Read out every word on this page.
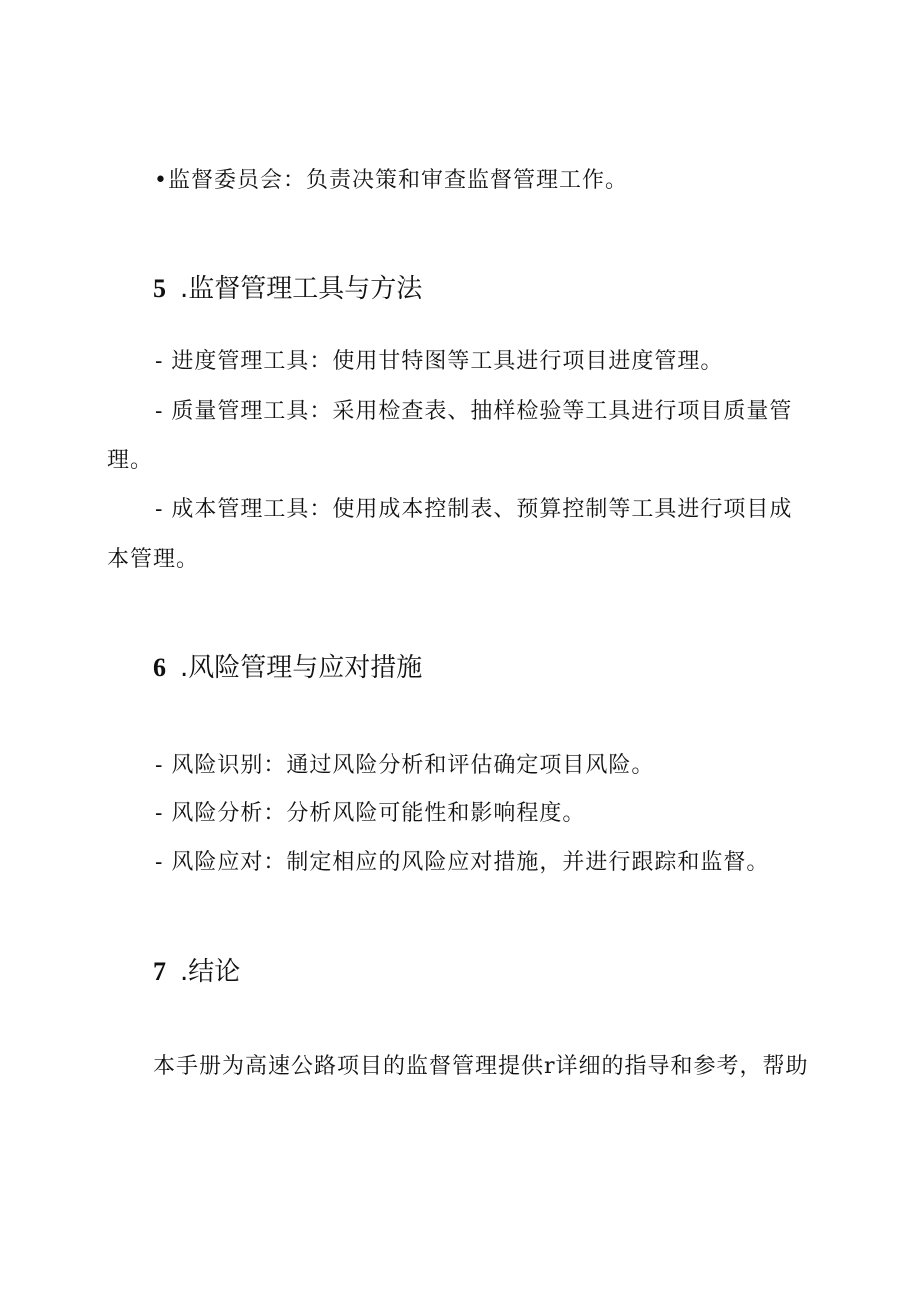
•监督委员会：负责决策和审查监督管理工作。
5 .监督管理工具与方法
- 进度管理工具：使用甘特图等工具进行项目进度管理。
- 质量管理工具：采用检查表、抽样检验等工具进行项目质量管
理。
- 成本管理工具：使用成本控制表、预算控制等工具进行项目成
本管理。
6 .风险管理与应对措施
- 风险识别：通过风险分析和评估确定项目风险。
- 风险分析：分析风险可能性和影响程度。
- 风险应对：制定相应的风险应对措施，并进行跟踪和监督。
7 .结论
本手册为高速公路项目的监督管理提供r详细的指导和参考，帮助
